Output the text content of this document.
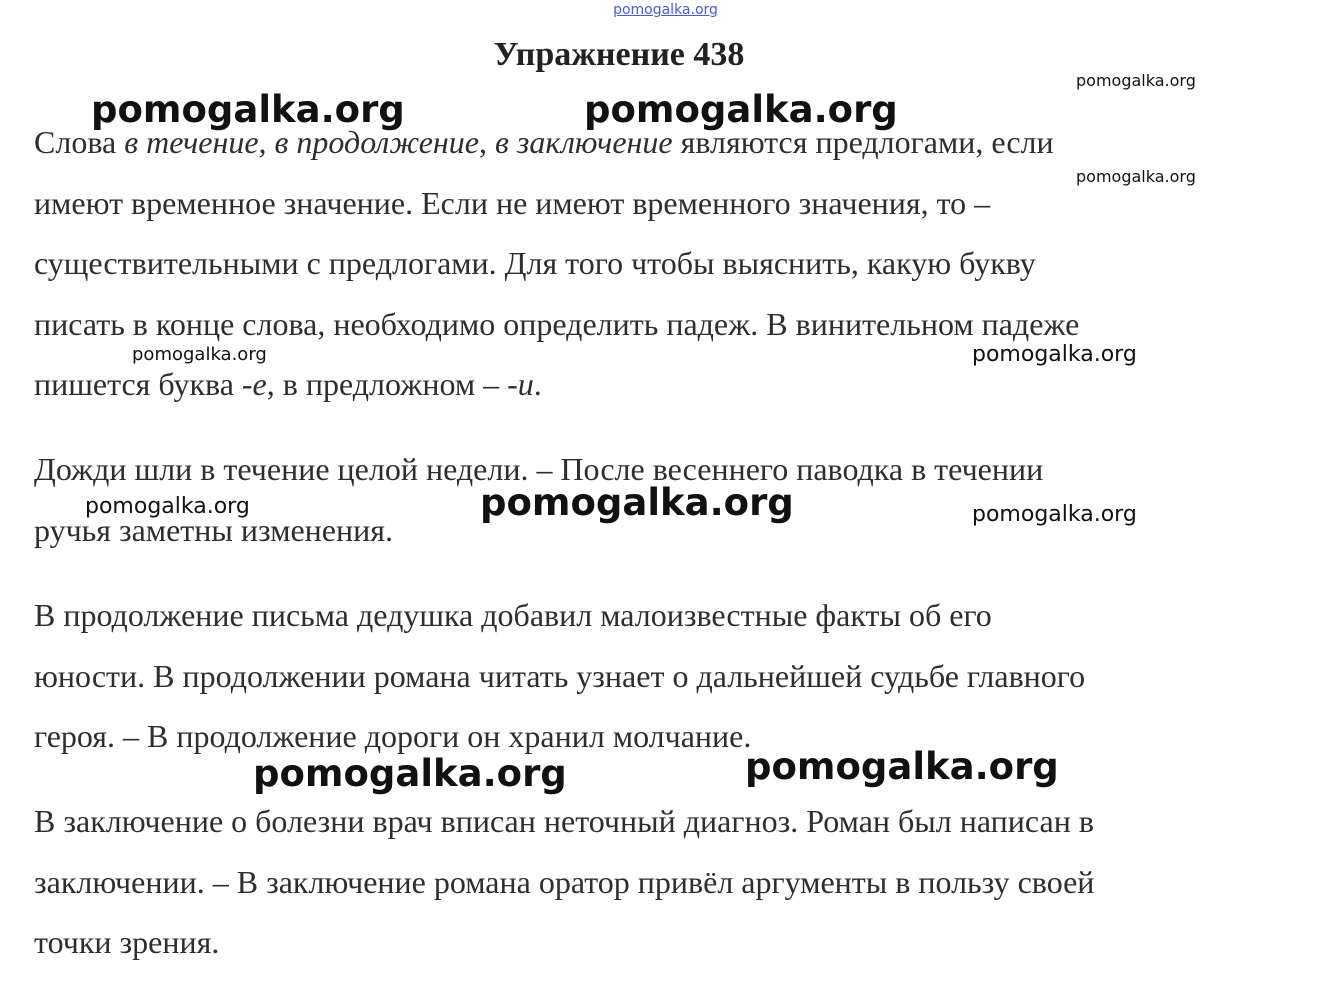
pomogalka.org
Упражнение 438
Слова в течение, в продолжение, в заключение являются предлогами, если
имеют временное значение. Если не имеют временного значения, то –
существительными с предлогами. Для того чтобы выяснить, какую букву
писать в конце слова, необходимо определить падеж. В винительном падеже
пишется буква -е, в предложном – -и.
Дожди шли в течение целой недели. – После весеннего паводка в течении
ручья заметны изменения.
В продолжение письма дедушка добавил малоизвестные факты об его
юности. В продолжении романа читать узнает о дальнейшей судьбе главного
героя. – В продолжение дороги он хранил молчание.
В заключение о болезни врач вписан неточный диагноз. Роман был написан в
заключении. – В заключение романа оратор привёл аргументы в пользу своей
точки зрения.
pomogalka.org
pomogalka.org	pomogalka.org
pomogalka.org
pomogalka.org	pomogalka.org
pomogalka.org
pomogalka.org	pomogalka.org
pomogalka.org	pomogalka.org
